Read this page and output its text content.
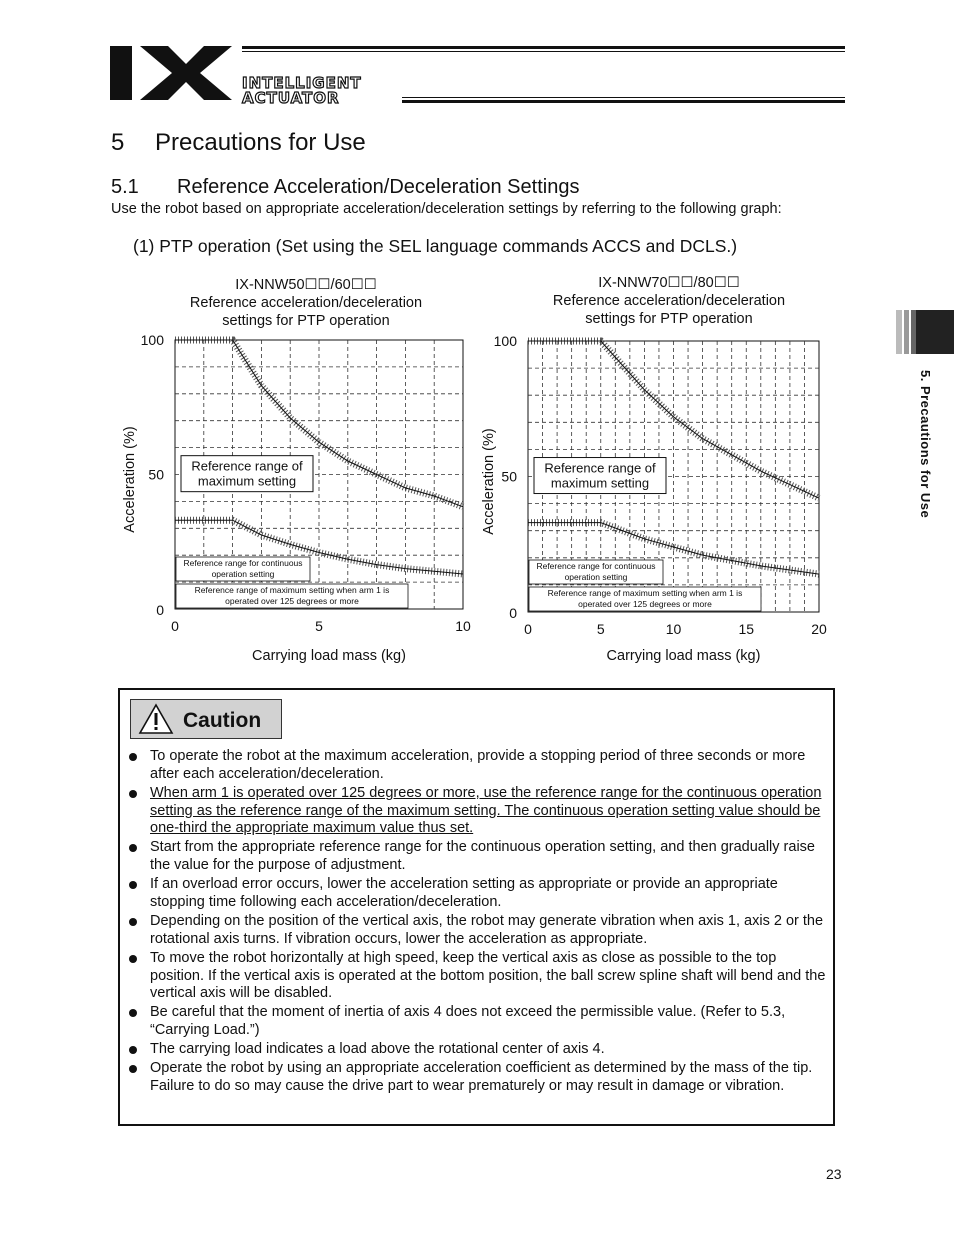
INTELLIGENT
ACTUATOR
5 Precautions for Use
5.1 Reference Acceleration/Deceleration Settings
Use the robot based on appropriate acceleration/deceleration settings by referring to the following graph:
(1) PTP operation (Set using the SEL language commands ACCS and DCLS.)
5. Precautions for Use
IX-NNW50☐☐/60☐☐
Reference acceleration/deceleration
settings for PTP operation
0	5	10
0
50
100
Carrying load mass (kg)
Acceleration (%)	Reference range of
maximum setting
Reference range for continuous
operation setting
Reference range of maximum setting when arm 1 is
operated over 125 degrees or more
IX-NNW70☐☐/80☐☐
Reference acceleration/deceleration
settings for PTP operation
0	5	10	15	20
0
50
100
Carrying load mass (kg)
Acceleration (%)	Reference range of
maximum setting
Reference range for continuous
operation setting
Reference range of maximum setting when arm 1 is
operated over 125 degrees or more
Caution
To operate the robot at the maximum acceleration, provide a stopping period of three seconds or more after each acceleration/deceleration.
When arm 1 is operated over 125 degrees or more, use the reference range for the continuous operation setting as the reference range of the maximum setting. The continuous operation setting value should be one-third the appropriate maximum value thus set.
Start from the appropriate reference range for the continuous operation setting, and then gradually raise the value for the purpose of adjustment.
If an overload error occurs, lower the acceleration setting as appropriate or provide an appropriate stopping time following each acceleration/deceleration.
Depending on the position of the vertical axis, the robot may generate vibration when axis 1, axis 2 or the rotational axis turns. If vibration occurs, lower the acceleration as appropriate.
To move the robot horizontally at high speed, keep the vertical axis as close as possible to the top position. If the vertical axis is operated at the bottom position, the ball screw spline shaft will bend and the vertical axis will be disabled.
Be careful that the moment of inertia of axis 4 does not exceed the permissible value. (Refer to 5.3, “Carrying Load.”)
The carrying load indicates a load above the rotational center of axis 4.
Operate the robot by using an appropriate acceleration coefficient as determined by the mass of the tip. Failure to do so may cause the drive part to wear prematurely or may result in damage or vibration.
23
